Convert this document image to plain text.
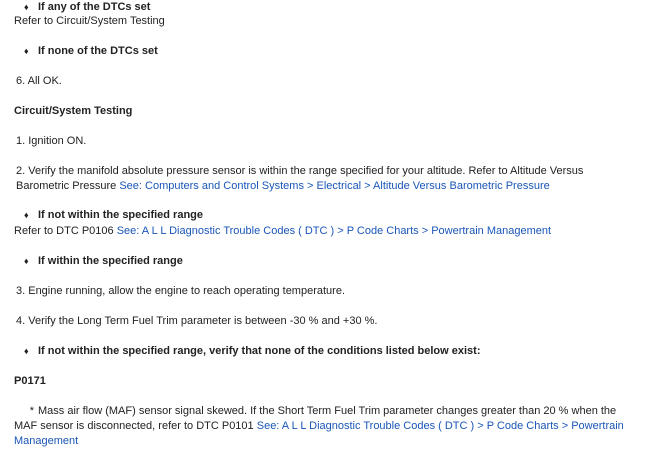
♦ If any of the DTCs set
Refer to Circuit/System Testing
♦ If none of the DTCs set
6. All OK.
Circuit/System Testing
1. Ignition ON.
2. Verify the manifold absolute pressure sensor is within the range specified for your altitude. Refer to Altitude Versus Barometric Pressure See: Computers and Control Systems > Electrical > Altitude Versus Barometric Pressure
♦ If not within the specified range
Refer to DTC P0106 See: A L L Diagnostic Trouble Codes ( DTC ) > P Code Charts > Powertrain Management
♦ If within the specified range
3. Engine running, allow the engine to reach operating temperature.
4. Verify the Long Term Fuel Trim parameter is between -30 % and +30 %.
♦ If not within the specified range, verify that none of the conditions listed below exist:
P0171
* Mass air flow (MAF) sensor signal skewed. If the Short Term Fuel Trim parameter changes greater than 20 % when the MAF sensor is disconnected, refer to DTC P0101 See: A L L Diagnostic Trouble Codes ( DTC ) > P Code Charts > Powertrain Management
